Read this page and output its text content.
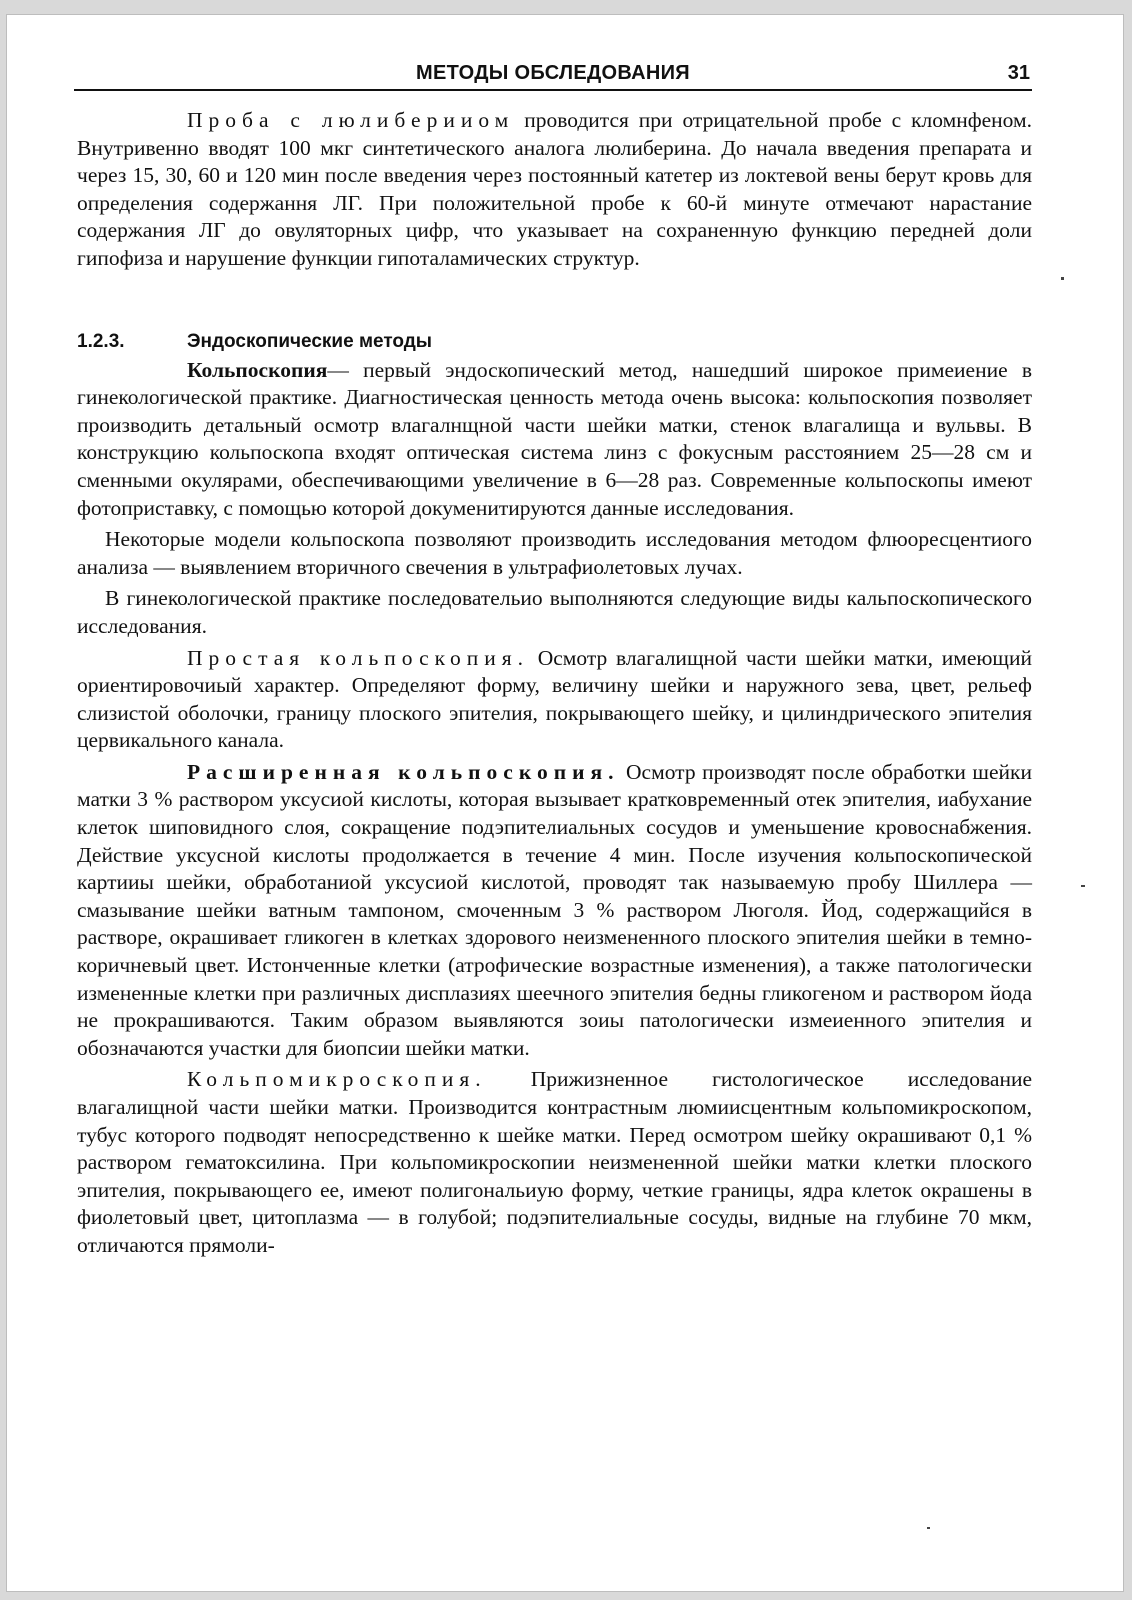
МЕТОДЫ ОБСЛЕДОВАНИЯ	31

Проба с люлиберииом проводится при отрицательной пробе с кломнфеном. Внутривенно вводят 100 мкг синтетического аналога люлиберина. До начала введения препарата и через 15, 30, 60 и 120 мин после введения через постоянный катетер из локтевой вены берут кровь для определения содержання ЛГ. При положительной пробе к 60-й минуте отмечают нарастание содержания ЛГ до овуляторных цифр, что указывает на сохраненную функцию передней доли гипофиза и нарушение функции гипоталамических структур.

1.2.3.	Эндоскопические методы

Кольпоскопия— первый эндоскопический метод, нашедший широкое примеиение в гинекологической практике. Диагностическая ценность метода очень высока: кольпоскопия позволяет производить детальный осмотр влагалнщной части шейки матки, стенок влагалища и вульвы. В конструкцию кольпоскопа входят оптическая система линз с фокусным расстоянием 25—28 см и сменными окулярами, обеспечивающими увеличение в 6—28 раз. Современные кольпоскопы имеют фотоприставку, с помощью которой докуменитируются данные исследования.

Некоторые модели кольпоскопа позволяют производить исследования методом флюоресцентиого анализа — выявлением вторичного свечения в ультрафиолетовых лучах.

В гинекологической практике последовательио выполняются следующие виды кальпоскопического исследования.

Простая кольпоскопия. Осмотр влагалищной части шейки матки, имеющий ориентировочиый характер. Определяют форму, величину шейки и наружного зева, цвет, рельеф слизистой оболочки, границу плоского эпителия, покрывающего шейку, и цилиндрического эпителия цервикального канала.

Расширенная кольпоскопия. Осмотр производят после обработки шейки матки 3 % раствором уксусиой кислоты, которая вызывает кратковременный отек эпителия, иабухание клеток шиповидного слоя, сокращение подэпителиальных сосудов и уменьшение кровоснабжения. Действие уксусной кислоты продолжается в течение 4 мин. После изучения кольпоскопической картииы шейки, обработаниой уксусиой кислотой, проводят так называемую пробу Шиллера — смазывание шейки ватным тампоном, смоченным 3 % раствором Люголя. Йод, содержащийся в растворе, окрашивает гликоген в клетках здорового неизмененного плоского эпителия шейки в темно-коричневый цвет. Истонченные клетки (атрофические возрастные изменения), а также патологически измененные клетки при различных дисплазиях шеечного эпителия бедны гликогеном и раствором йода не прокрашиваются. Таким образом выявляются зоиы патологически измеиенного эпителия и обозначаются участки для биопсии шейки матки.

Кольпомикроскопия. Прижизненное гистологическое исследование влагалищной части шейки матки. Производится контрастным люмиисцентным кольпомикроскопом, тубус которого подводят непосредственно к шейке матки. Перед осмотром шейку окрашивают 0,1 % раствором гематоксилина. При кольпомикроскопии неизмененной шейки матки клетки плоского эпителия, покрывающего ее, имеют полигональиую форму, четкие границы, ядра клеток окрашены в фиолетовый цвет, цитоплазма — в голубой; подэпителиальные сосуды, видные на глубине 70 мкм, отличаются прямоли-
